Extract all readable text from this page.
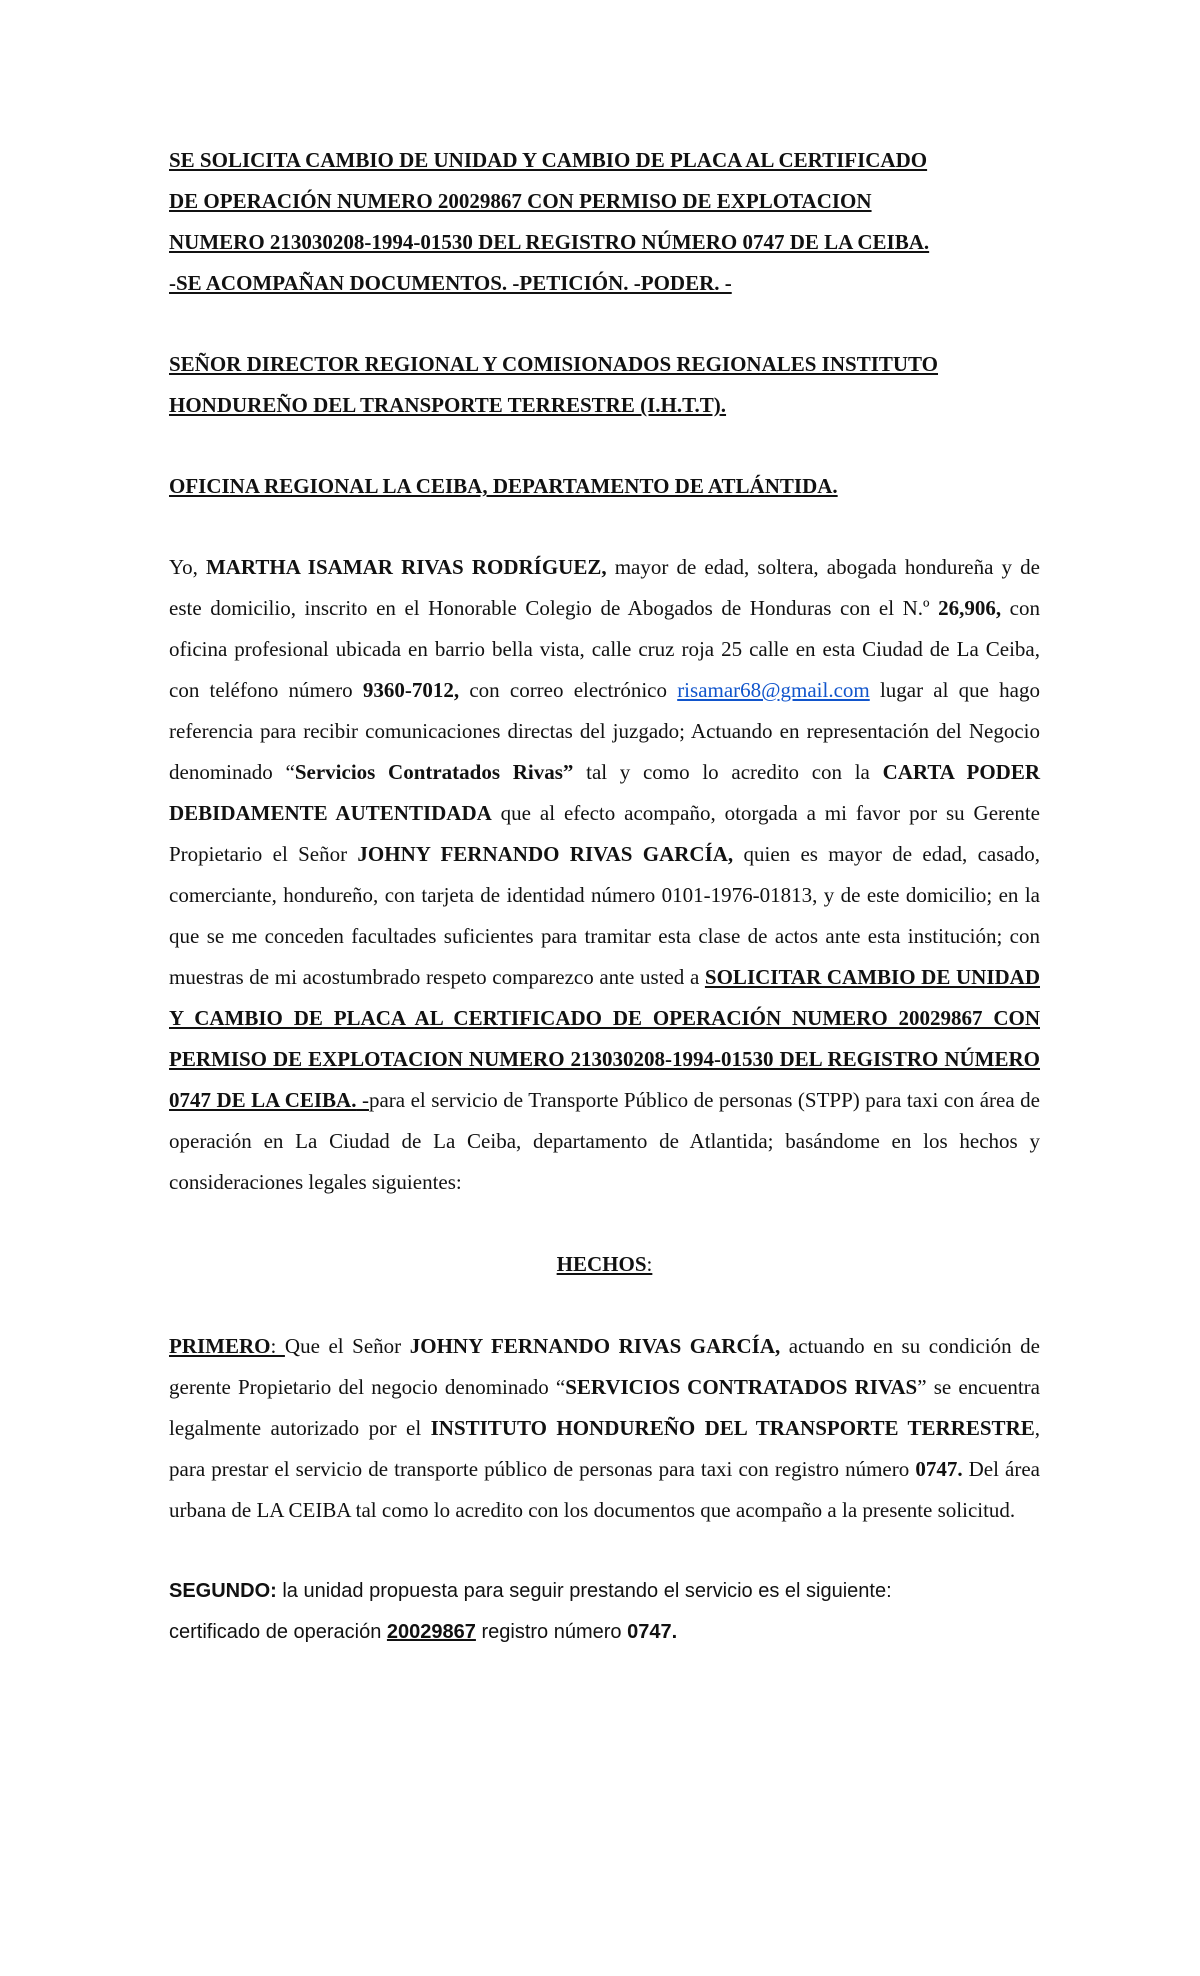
SE SOLICITA CAMBIO DE UNIDAD Y CAMBIO DE PLACA AL CERTIFICADO
DE OPERACIÓN NUMERO 20029867 CON PERMISO DE EXPLOTACION
NUMERO 213030208-1994-01530 DEL REGISTRO NÚMERO 0747 DE LA CEIBA.
-SE ACOMPAÑAN DOCUMENTOS. -PETICIÓN. -PODER. -
SEÑOR DIRECTOR REGIONAL Y COMISIONADOS REGIONALES INSTITUTO
HONDUREÑO DEL TRANSPORTE TERRESTRE (I.H.T.T).
OFICINA REGIONAL LA CEIBA, DEPARTAMENTO DE ATLÁNTIDA.

Yo, MARTHA ISAMAR RIVAS RODRÍGUEZ, mayor de edad, soltera, abogada hondureña y de este domicilio, inscrito en el Honorable Colegio de Abogados de Honduras con el N.º 26,906, con oficina profesional ubicada en barrio bella vista, calle cruz roja 25 calle en esta Ciudad de La Ceiba, con teléfono número 9360-7012, con correo electrónico risamar68@gmail.com lugar al que hago referencia para recibir comunicaciones directas del juzgado; Actuando en representación del Negocio denominado “Servicios Contratados Rivas” tal y como lo acredito con la CARTA PODER DEBIDAMENTE AUTENTIDADA que al efecto acompaño, otorgada a mi favor por su Gerente Propietario el Señor JOHNY FERNANDO RIVAS GARCÍA, quien es mayor de edad, casado, comerciante, hondureño, con tarjeta de identidad número 0101-1976-01813, y de este domicilio; en la que se me conceden facultades suficientes para tramitar esta clase de actos ante esta institución; con muestras de mi acostumbrado respeto comparezco ante usted a SOLICITAR CAMBIO DE UNIDAD Y CAMBIO DE PLACA AL CERTIFICADO DE OPERACIÓN NUMERO 20029867 CON PERMISO DE EXPLOTACION NUMERO 213030208-1994-01530 DEL REGISTRO NÚMERO 0747 DE LA CEIBA. -para el servicio de Transporte Público de personas (STPP) para taxi con área de operación en La Ciudad de La Ceiba, departamento de Atlantida; basándome en los hechos y consideraciones legales siguientes:

HECHOS:

PRIMERO: Que el Señor JOHNY FERNANDO RIVAS GARCÍA, actuando en su condición de gerente Propietario del negocio denominado “SERVICIOS CONTRATADOS RIVAS” se encuentra legalmente autorizado por el INSTITUTO HONDUREÑO DEL TRANSPORTE TERRESTRE, para prestar el servicio de transporte público de personas para taxi con registro número 0747. Del área urbana de LA CEIBA tal como lo acredito con los documentos que acompaño a la presente solicitud.

SEGUNDO: la unidad propuesta para seguir prestando el servicio es el siguiente:
certificado de operación 20029867 registro número 0747.
